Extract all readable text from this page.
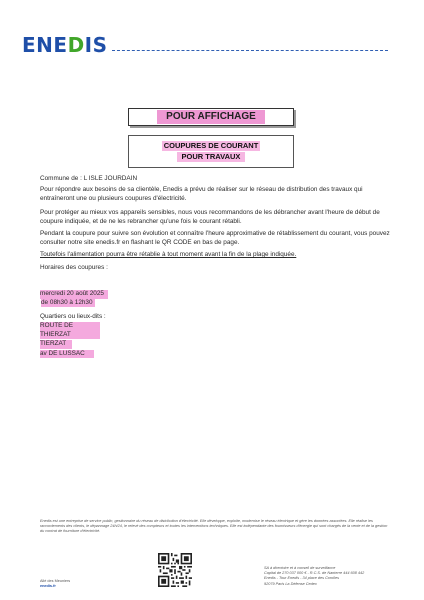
ENEDIS
POUR AFFICHAGE
COUPURES DE COURANT
POUR TRAVAUX
Commune de : L ISLE JOURDAIN
Pour répondre aux besoins de sa clientèle, Enedis a prévu de réaliser sur le réseau de distribution des travaux qui entraîneront une ou plusieurs coupures d'électricité.
Pour protéger au mieux vos appareils sensibles, nous vous recommandons de les débrancher avant l'heure de début de coupure indiquée, et de ne les rebrancher qu'une fois le courant rétabli.
Pendant la coupure pour suivre son évolution et connaître l'heure approximative de rétablissement du courant, vous pouvez consulter notre site enedis.fr en flashant le QR CODE en bas de page.
Toutefois l'alimentation pourra être rétablie à tout moment avant la fin de la plage indiquée.
Horaires des coupures :
mercredi 20 août 2025
de 08h30 à 12h30
Quartiers ou lieux-dits :
ROUTE DE THIERZAT
TIERZAT
av DE LUSSAC
Enedis est une entreprise de service public, gestionnaire du réseau de distribution d'électricité. Elle développe, exploite, modernise le réseau électrique et gère les données associées. Elle réalise les raccordements des clients, le dépannage 24h/24, le relevé des compteurs et toutes les interventions techniques. Elle est indépendante des fournisseurs d'énergie qui sont chargés de la vente et de la gestion du contrat de fourniture d'électricité.
Allé des Meuniers
enedis.fr
SA à directoire et à conseil de surveillance
Capital de 270 037 000 € - R.C.S. de Nanterre 444 608 442
Enedis - Tour Enedis - 34 place des Corolles
92079 Paris La Défense Cedex
